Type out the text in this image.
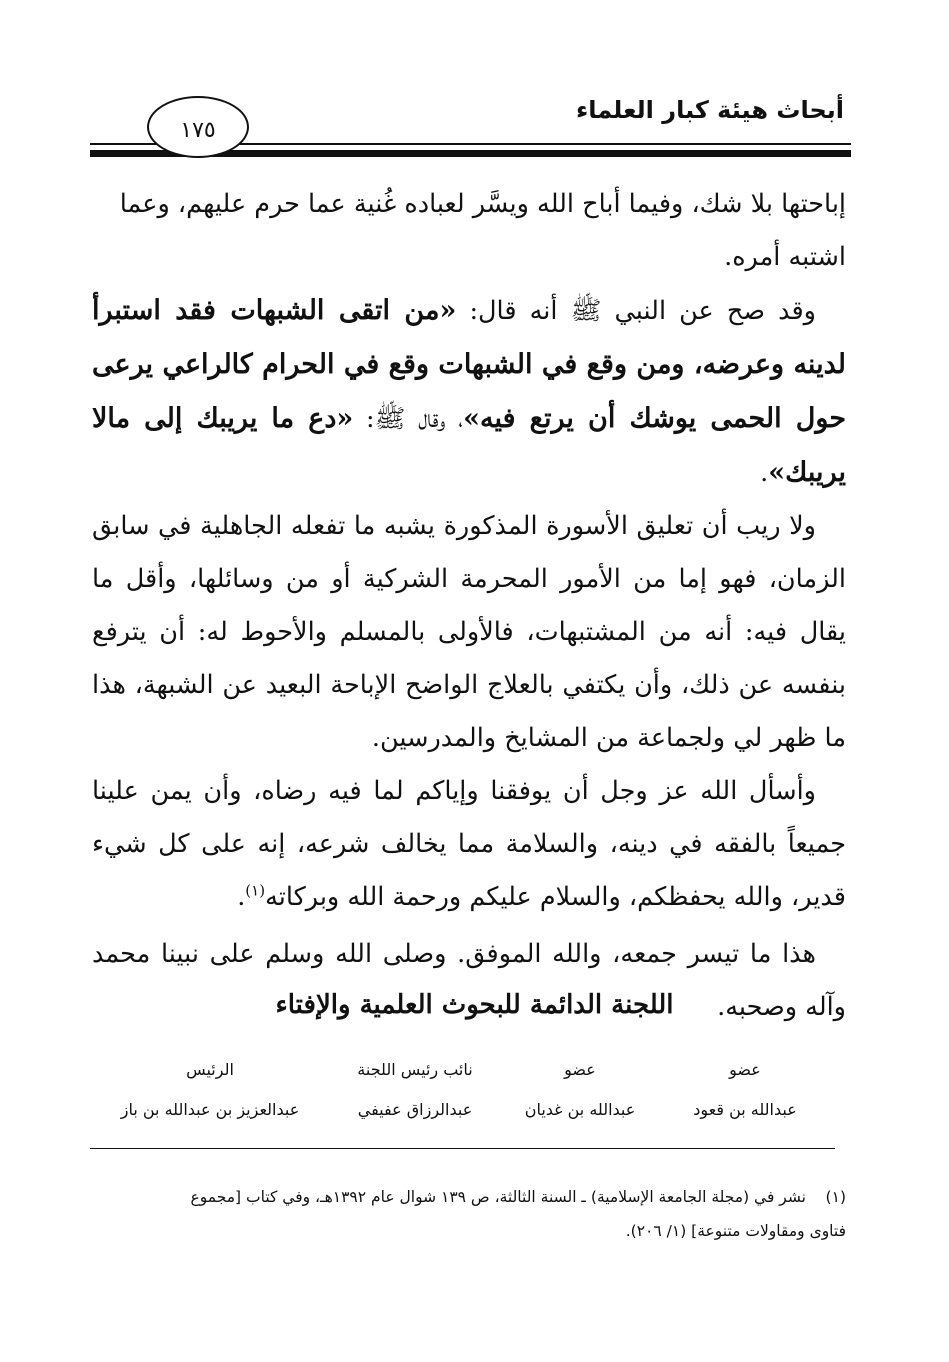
أبحاث هيئة كبار العلماء
١٧٥

إباحتها بلا شك، وفيما أباح الله ويسَّر لعباده غُنية عما حرم عليهم، وعما
اشتبه أمره.

وقد صح عن النبي ﷺ أنه قال: «من اتقى الشبهات فقد استبرأ لدينه وعرضه، ومن وقع في الشبهات وقع في الحرام كالراعي يرعى حول الحمى يوشك أن يرتع فيه»، وقال ﷺ: «دع ما يريبك إلى مالا يريبك».

ولا ريب أن تعليق الأسورة المذكورة يشبه ما تفعله الجاهلية في سابق الزمان، فهو إما من الأمور المحرمة الشركية أو من وسائلها، وأقل ما يقال فيه: أنه من المشتبهات، فالأولى بالمسلم والأحوط له: أن يترفع بنفسه عن ذلك، وأن يكتفي بالعلاج الواضح الإباحة البعيد عن الشبهة، هذا ما ظهر لي ولجماعة من المشايخ والمدرسين.

وأسأل الله عز وجل أن يوفقنا وإياكم لما فيه رضاه، وأن يمن علينا جميعاً بالفقه في دينه، والسلامة مما يخالف شرعه، إنه على كل شيء قدير، والله يحفظكم، والسلام عليكم ورحمة الله وبركاته$^{(١)}$.

هذا ما تيسر جمعه، والله الموفق. وصلى الله وسلم على نبينا محمد وآله وصحبه.

اللجنة الدائمة للبحوث العلمية والإفتاء
الرئيس
عبدالعزيز بن عبدالله بن باز
نائب رئيس اللجنة
عبدالرزاق عفيفي
عضو
عبدالله بن غديان
عضو
عبدالله بن قعود
(١)نشر في (مجلة الجامعة الإسلامية) ـ السنة الثالثة، ص ١٣٩ شوال عام ١٣٩٢هـ، وفي كتاب [مجموع
فتاوى ومقاولات متنوعة] (١/ ٢٠٦).
